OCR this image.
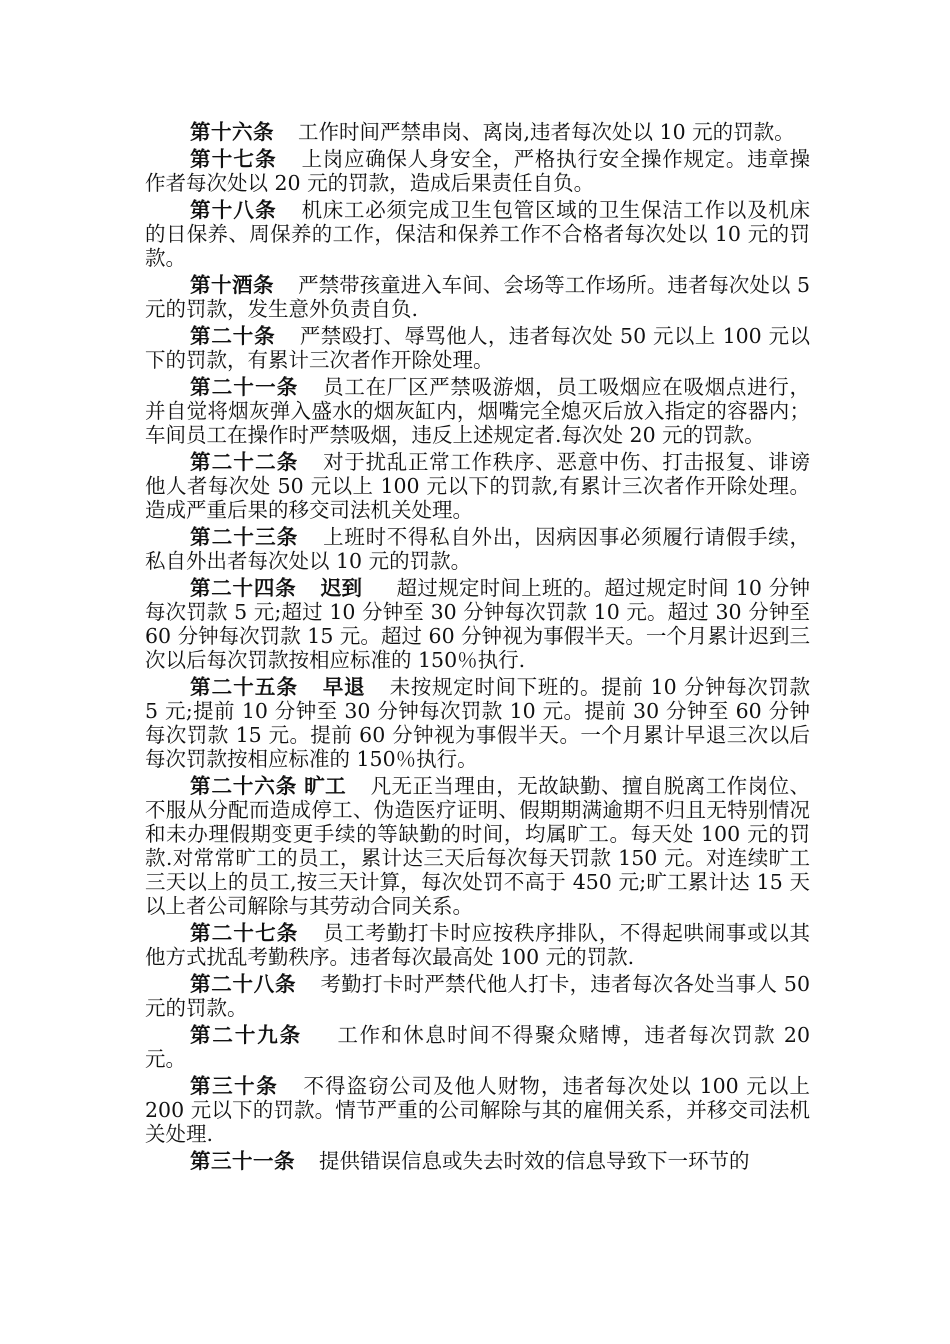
第十六条 工作时间严禁串岗、离岗,违者每次处以 10 元的罚款。

第十七条 上岗应确保人身安全，严格执行安全操作规定。违章操作者每次处以 20 元的罚款，造成后果责任自负。

第十八条 机床工必须完成卫生包管区域的卫生保洁工作以及机床的日保养、周保养的工作，保洁和保养工作不合格者每次处以 10 元的罚款。

第十酒条 严禁带孩童进入车间、会场等工作场所。违者每次处以 5 元的罚款，发生意外负责自负.

第二十条 严禁殴打、辱骂他人，违者每次处 50 元以上 100 元以下的罚款，有累计三次者作开除处理。

第二十一条 员工在厂区严禁吸游烟，员工吸烟应在吸烟点进行，并自觉将烟灰弹入盛水的烟灰缸内，烟嘴完全熄灭后放入指定的容器内；车间员工在操作时严禁吸烟，违反上述规定者.每次处 20 元的罚款。

第二十二条 对于扰乱正常工作秩序、恶意中伤、打击报复、诽谤他人者每次处 50 元以上 100 元以下的罚款,有累计三次者作开除处理。造成严重后果的移交司法机关处理。

第二十三条 上班时不得私自外出，因病因事必须履行请假手续，私自外出者每次处以 10 元的罚款。

第二十四条 迟到 超过规定时间上班的。超过规定时间 10 分钟每次罚款 5 元;超过 10 分钟至 30 分钟每次罚款 10 元。超过 30 分钟至 60 分钟每次罚款 15 元。超过 60 分钟视为事假半天。一个月累计迟到三次以后每次罚款按相应标准的 150％执行.

第二十五条 早退 未按规定时间下班的。提前 10 分钟每次罚款 5 元;提前 10 分钟至 30 分钟每次罚款 10 元。提前 30 分钟至 60 分钟每次罚款 15 元。提前 60 分钟视为事假半天。一个月累计早退三次以后每次罚款按相应标准的 150％执行。

第二十六条 旷工 凡无正当理由，无故缺勤、擅自脱离工作岗位、不服从分配而造成停工、伪造医疗证明、假期期满逾期不归且无特别情况和未办理假期变更手续的等缺勤的时间，均属旷工。每天处 100 元的罚款.对常常旷工的员工，累计达三天后每次每天罚款 150 元。对连续旷工三天以上的员工,按三天计算，每次处罚不高于 450 元;旷工累计达 15 天以上者公司解除与其劳动合同关系。

第二十七条 员工考勤打卡时应按秩序排队，不得起哄闹事或以其他方式扰乱考勤秩序。违者每次最高处 100 元的罚款.

第二十八条 考勤打卡时严禁代他人打卡，违者每次各处当事人 50 元的罚款。

第二十九条 工作和休息时间不得聚众赌博，违者每次罚款 20 元。

第三十条 不得盗窃公司及他人财物，违者每次处以 100 元以上 200 元以下的罚款。情节严重的公司解除与其的雇佣关系，并移交司法机关处理.

第三十一条 提供错误信息或失去时效的信息导致下一环节的
